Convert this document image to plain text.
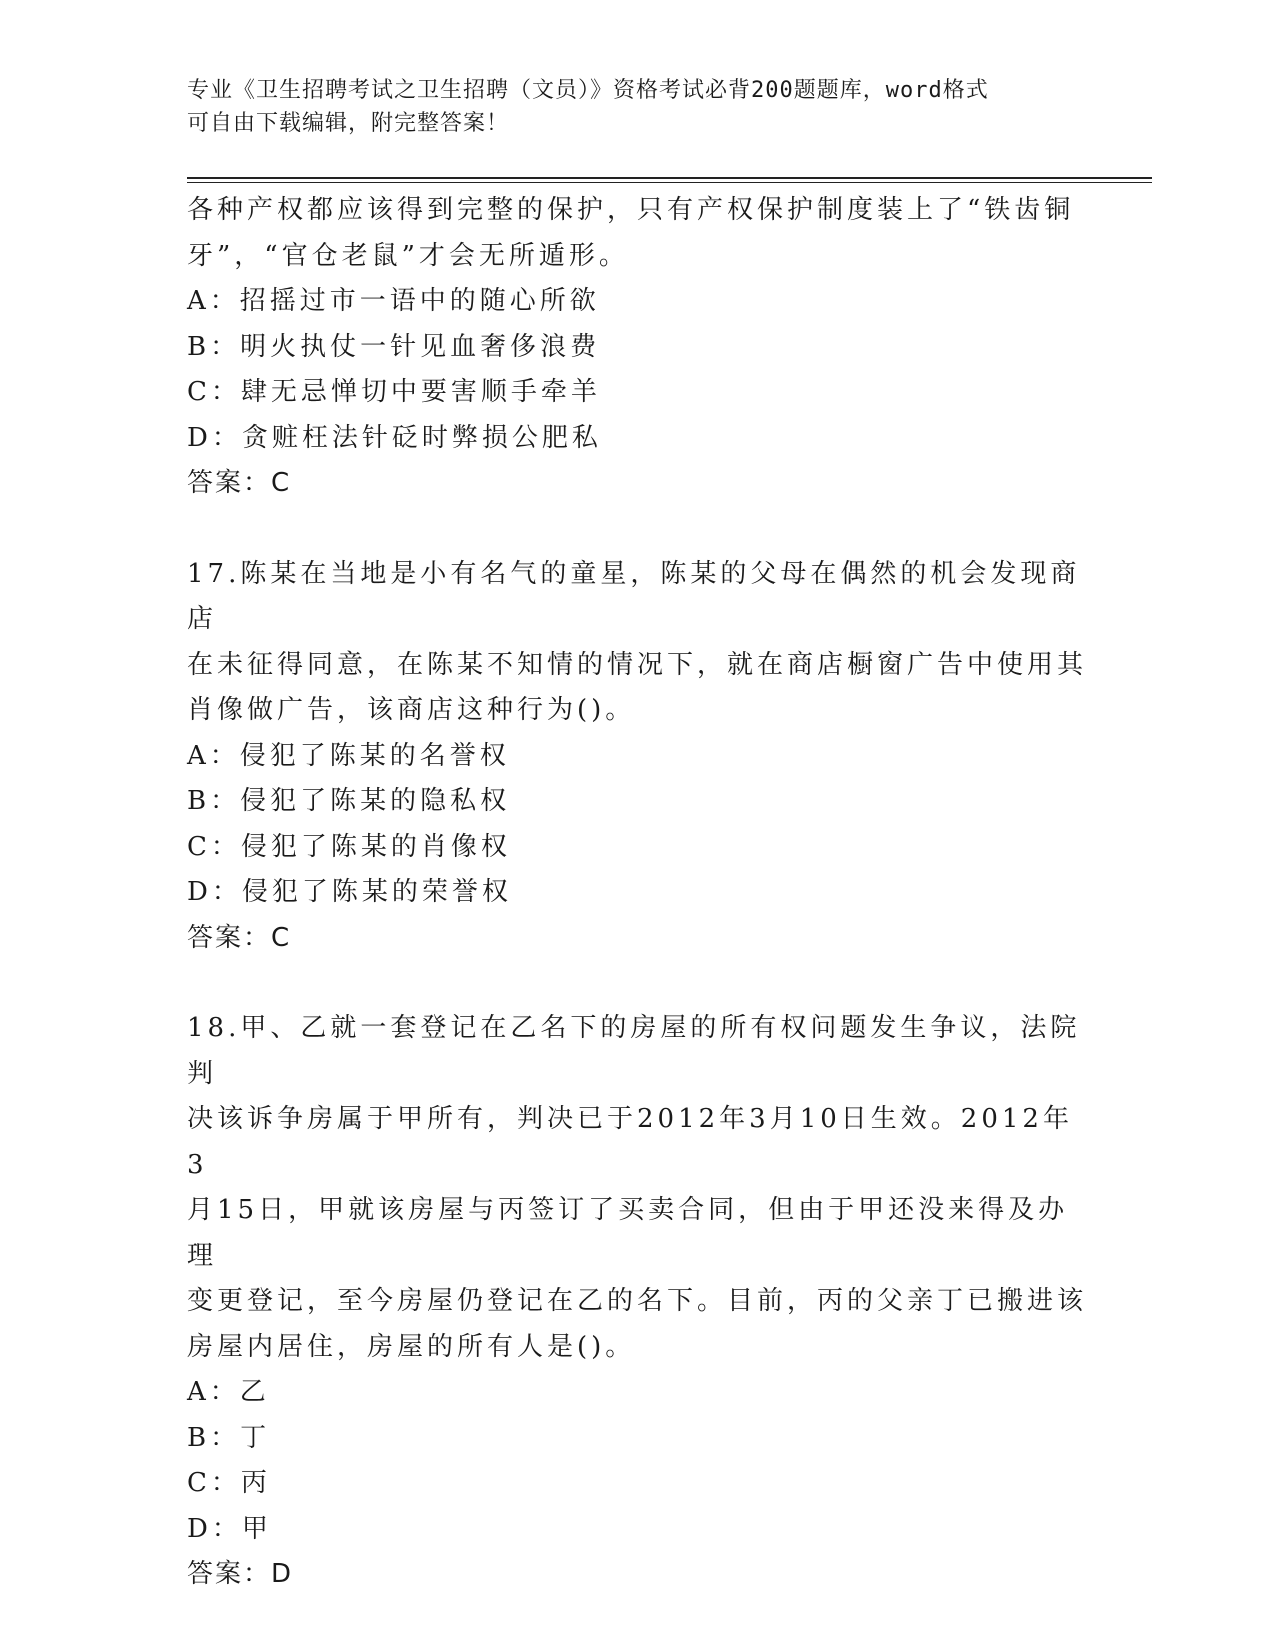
专业《卫生招聘考试之卫生招聘（文员）》资格考试必背200题题库，word格式
可自由下载编辑，附完整答案！

各种产权都应该得到完整的保护，只有产权保护制度装上了“铁齿铜

牙”，“官仓老鼠”才会无所遁形。

A：招摇过市一语中的随心所欲

B：明火执仗一针见血奢侈浪费

C：肆无忌惮切中要害顺手牵羊

D：贪赃枉法针砭时弊损公肥私

答案：C

17.陈某在当地是小有名气的童星，陈某的父母在偶然的机会发现商店

在未征得同意，在陈某不知情的情况下，就在商店橱窗广告中使用其

肖像做广告，该商店这种行为()。

A：侵犯了陈某的名誉权

B：侵犯了陈某的隐私权

C：侵犯了陈某的肖像权

D：侵犯了陈某的荣誉权

答案：C

18.甲、乙就一套登记在乙名下的房屋的所有权问题发生争议，法院判

决该诉争房属于甲所有，判决已于2012年3月10日生效。2012年3

月15日，甲就该房屋与丙签订了买卖合同，但由于甲还没来得及办理

变更登记，至今房屋仍登记在乙的名下。目前，丙的父亲丁已搬进该

房屋内居住，房屋的所有人是()。

A：乙

B：丁

C：丙

D：甲

答案：D
